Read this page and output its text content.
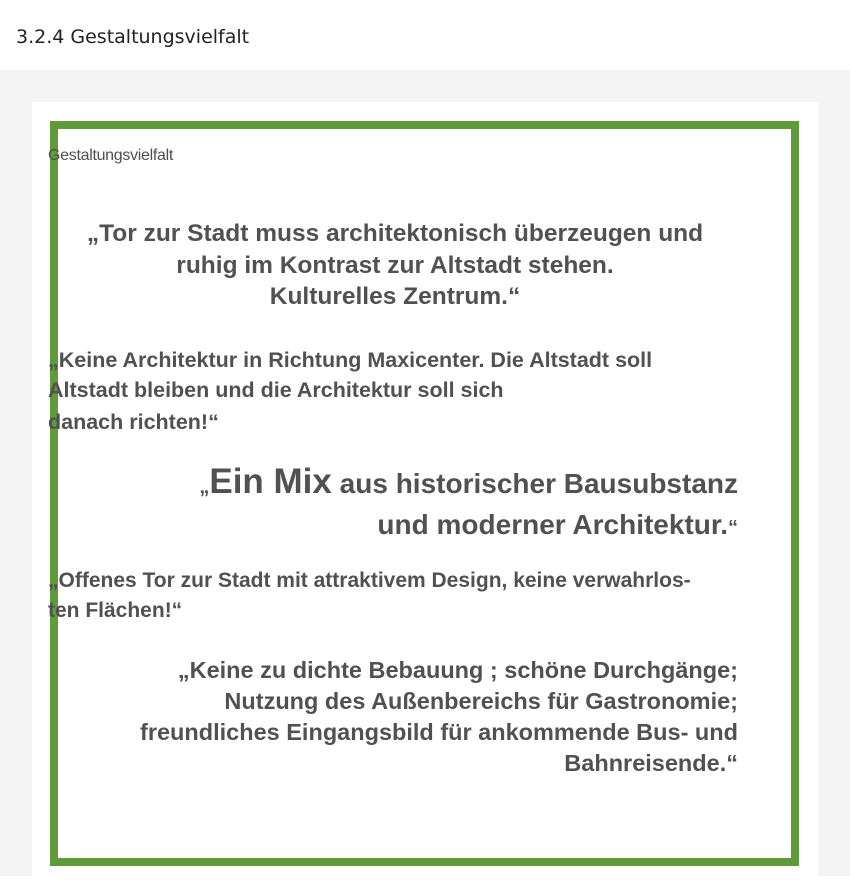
3.2.4 Gestaltungsvielfalt

Gestaltungsvielfalt

„Tor zur Stadt muss architektonisch überzeugen und
ruhig im Kontrast zur Altstadt stehen.
Kulturelles Zentrum.“

„Keine Architektur in Richtung Maxicenter. Die Altstadt soll
Altstadt bleiben und die Architektur soll sich
danach richten!“

„Ein Mix aus historischer Bausubstanz
und moderner Architektur.“

„Offenes Tor zur Stadt mit attraktivem Design, keine verwahrlos-
ten Flächen!“

„Keine zu dichte Bebauung ; schöne Durchgänge;
Nutzung des Außenbereichs für Gastronomie;
freundliches Eingangsbild für ankommende Bus- und
Bahnreisende.“
